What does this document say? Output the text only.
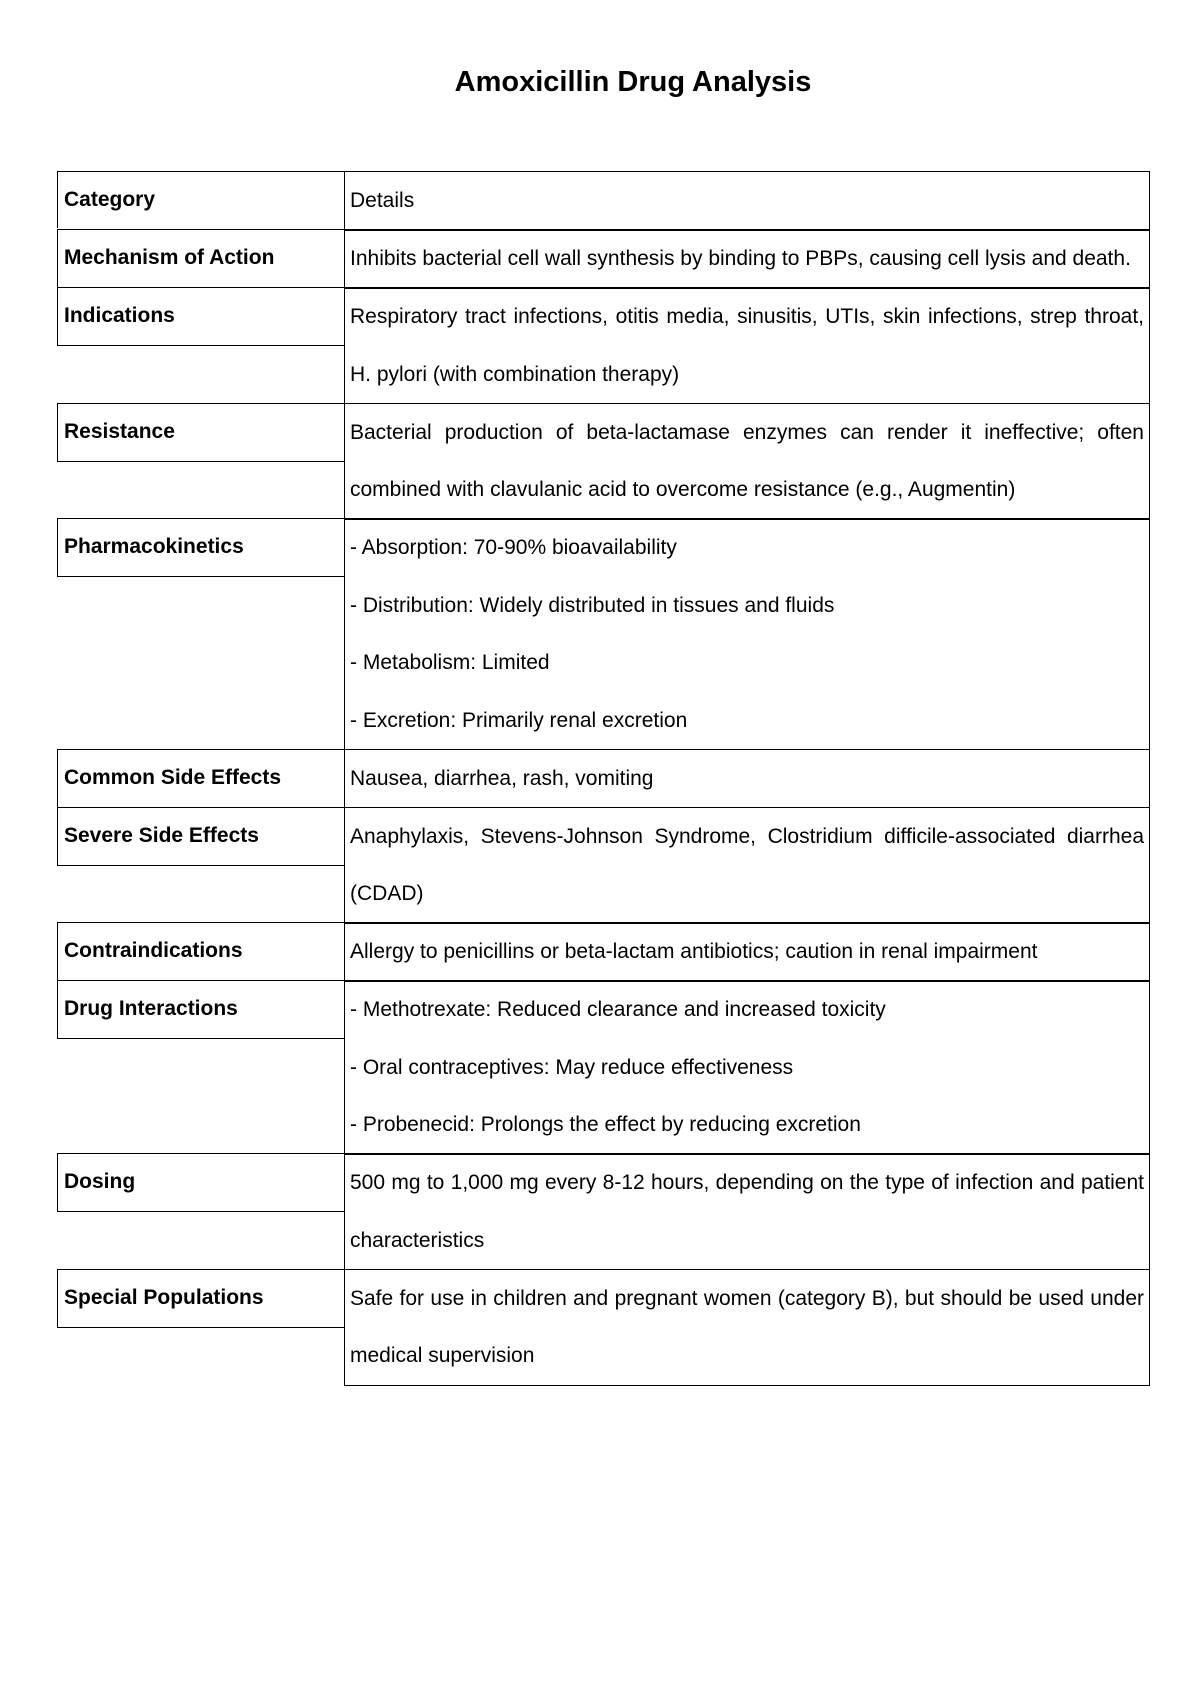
Amoxicillin Drug Analysis
Category	Details
Mechanism of Action	Inhibits bacterial cell wall synthesis by binding to PBPs, causing cell lysis and death.
Indications	Respiratory tract infections, otitis media, sinusitis, UTIs, skin infections, strep throat, H. pylori (with combination therapy)
Resistance	Bacterial production of beta-lactamase enzymes can render it ineffective; often combined with clavulanic acid to overcome resistance (e.g., Augmentin)
Pharmacokinetics	- Absorption: 70-90% bioavailability
- Distribution: Widely distributed in tissues and fluids
- Metabolism: Limited
- Excretion: Primarily renal excretion
Common Side Effects	Nausea, diarrhea, rash, vomiting
Severe Side Effects	Anaphylaxis, Stevens-Johnson Syndrome, Clostridium difficile-associated diarrhea (CDAD)
Contraindications	Allergy to penicillins or beta-lactam antibiotics; caution in renal impairment
Drug Interactions	- Methotrexate: Reduced clearance and increased toxicity
- Oral contraceptives: May reduce effectiveness
- Probenecid: Prolongs the effect by reducing excretion
Dosing	500 mg to 1,000 mg every 8-12 hours, depending on the type of infection and patient characteristics
Special Populations	Safe for use in children and pregnant women (category B), but should be used under medical supervision
